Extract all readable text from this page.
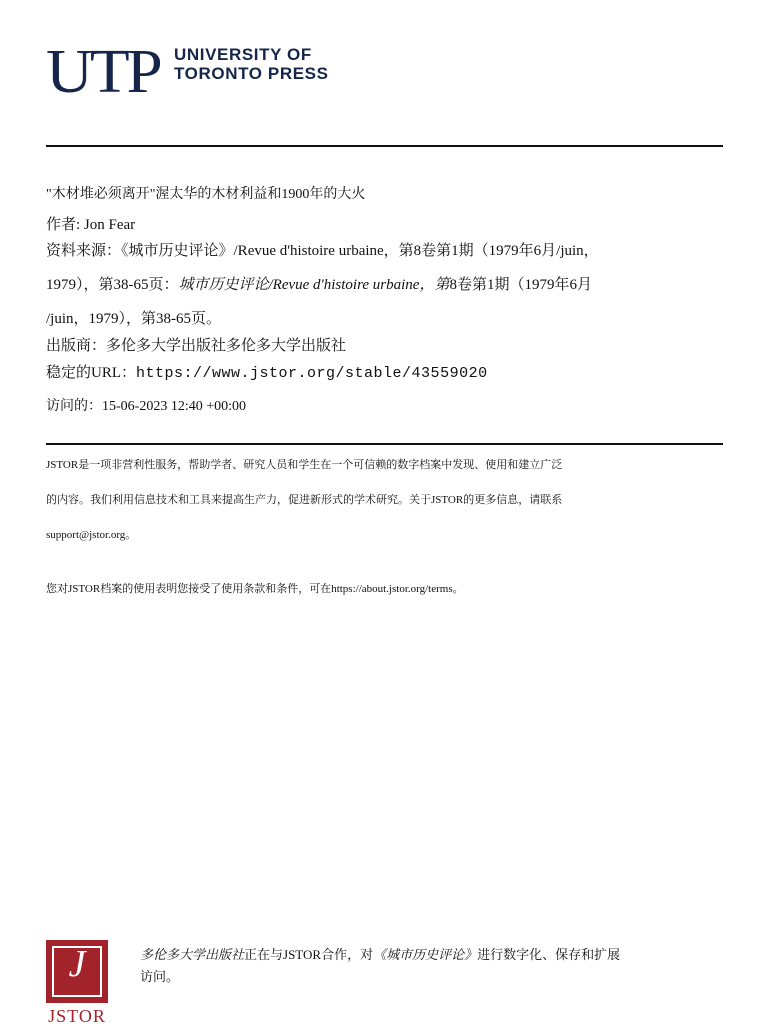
UTP UNIVERSITY OF
TORONTO PRESS
"木材堆必须离开"渥太华的木材利益和1900年的大火
作者: Jon Fear
资料来源：《城市历史评论》/Revue d'histoire urbaine，第8卷第1期（1979年6月/juin，
1979），第38-65页：城市历史评论/Revue d'histoire urbaine，第8卷第1期（1979年6月
/juin，1979），第38-65页。
出版商：多伦多大学出版社多伦多大学出版社
稳定的URL：https://www.jstor.org/stable/43559020
访问的：15-06-2023 12:40 +00:00
JSTOR是一项非营利性服务，帮助学者、研究人员和学生在一个可信赖的数字档案中发现、使用和建立广泛
的内容。我们利用信息技术和工具来提高生产力，促进新形式的学术研究。关于JSTOR的更多信息，请联系
support@jstor.org。
您对JSTOR档案的使用表明您接受了使用条款和条件，可在https://about.jstor.org/terms。
J
JSTOR
多伦多大学出版社正在与JSTOR合作，对《城市历史评论》进行数字化、保存和扩展
访问。
